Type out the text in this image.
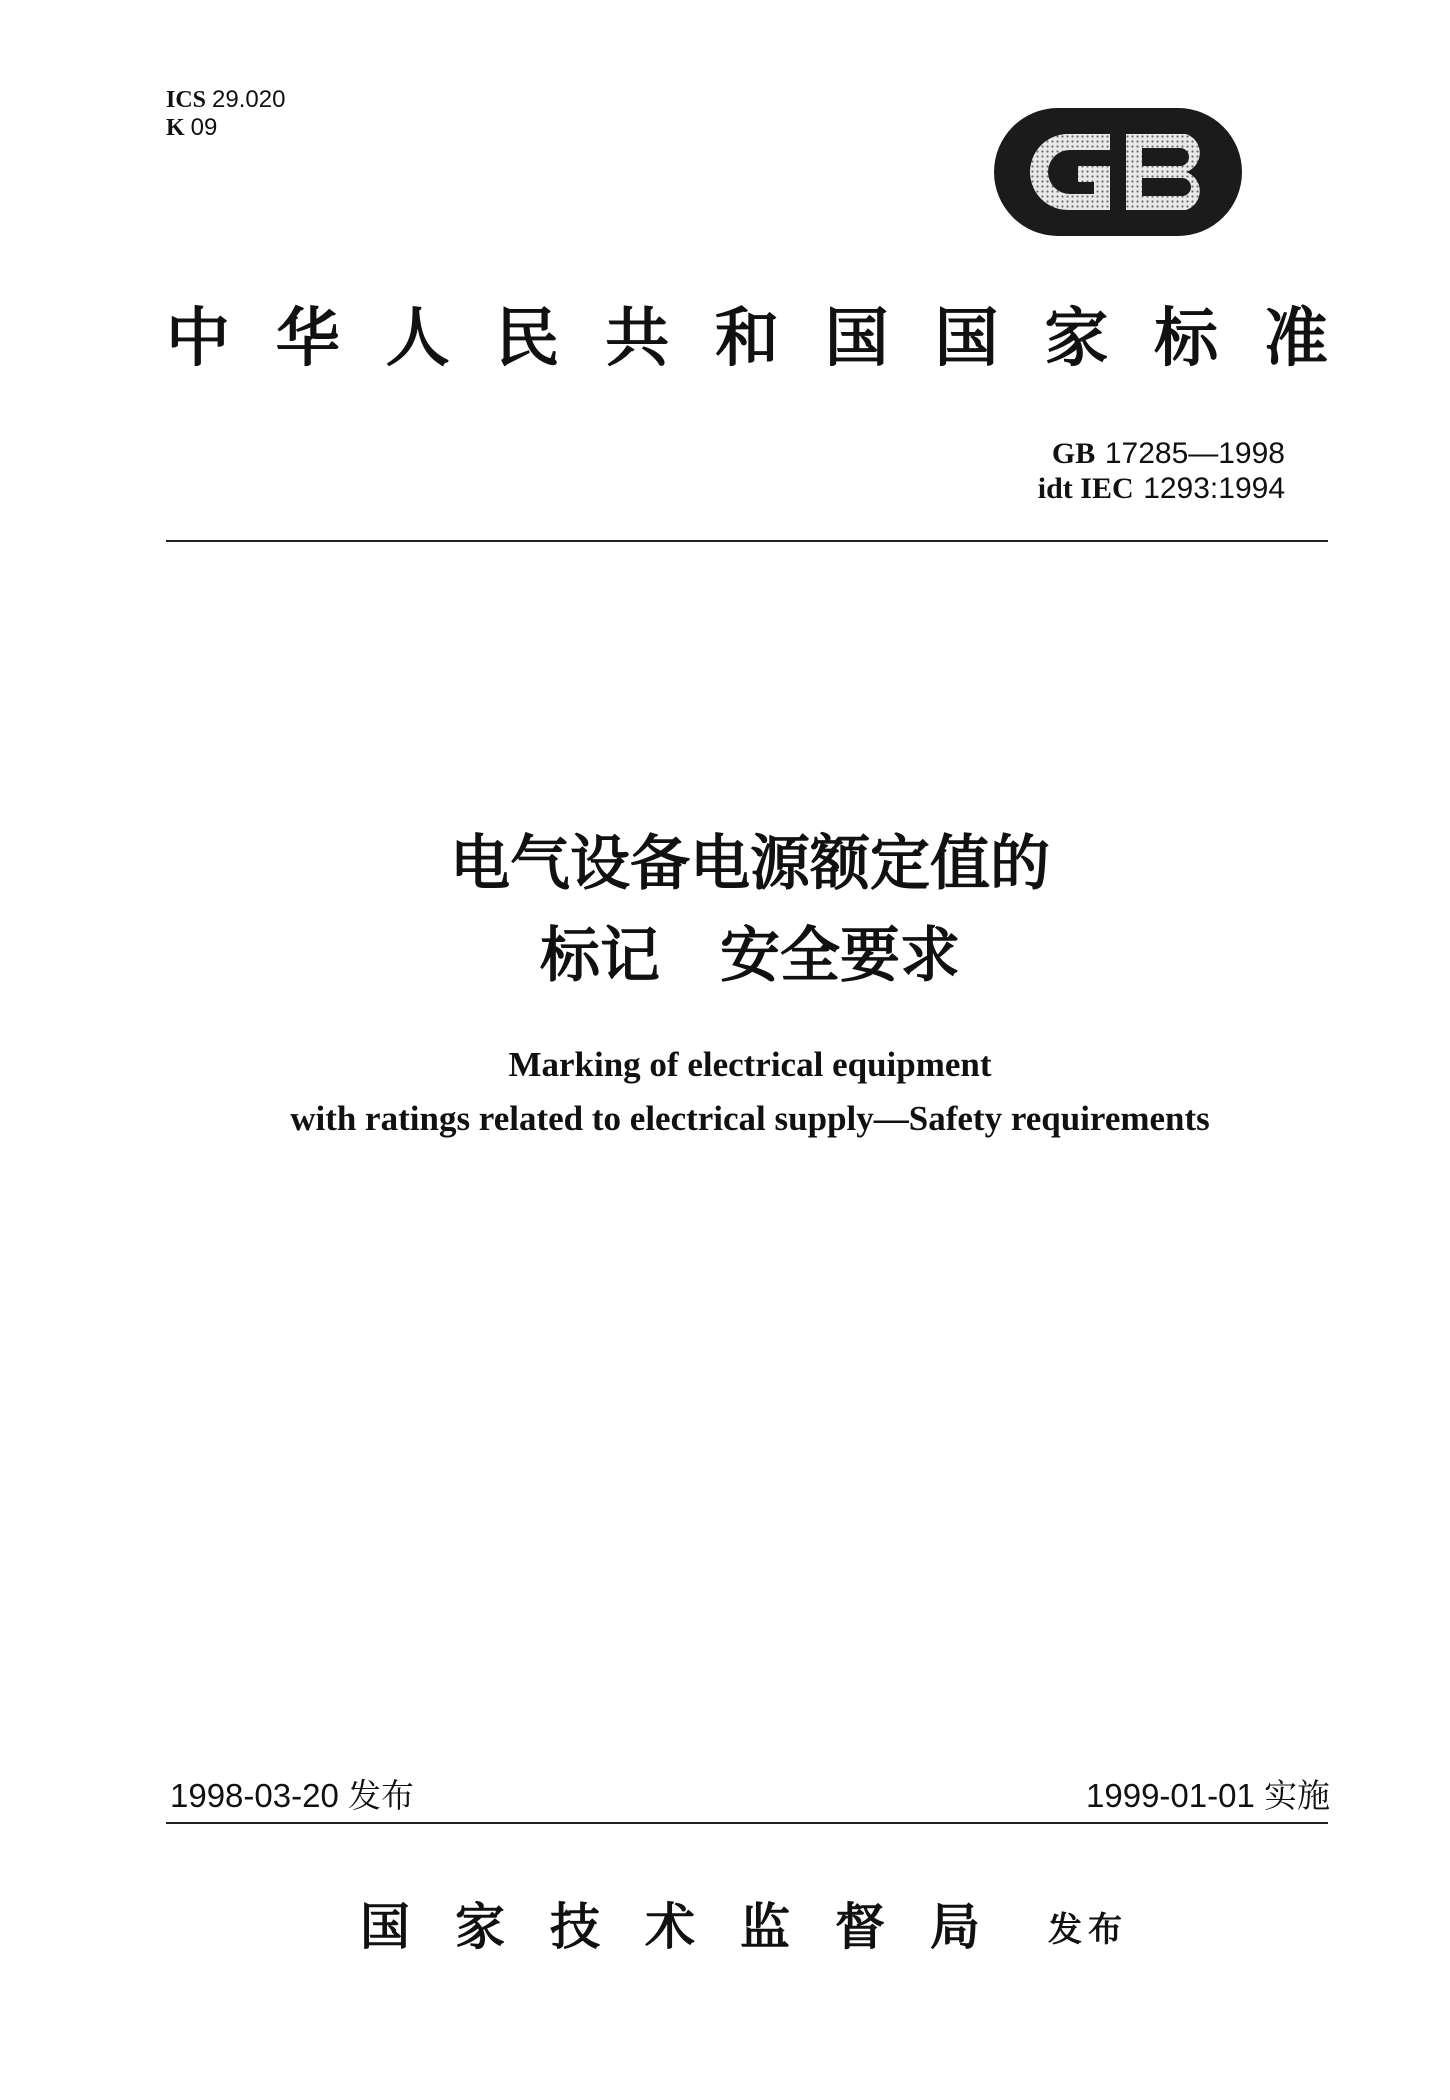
ICS 29.020
K 09
GB
中 华 人 民 共 和 国 国 家 标 准
GB 17285—1998
idt IEC 1293:1994
电气设备电源额定值的
标记　安全要求
Marking of electrical equipment
with ratings related to electrical supply—Safety requirements
1998-03-20 发布	1999-01-01 实施
国 家 技 术 监 督 局 发布
